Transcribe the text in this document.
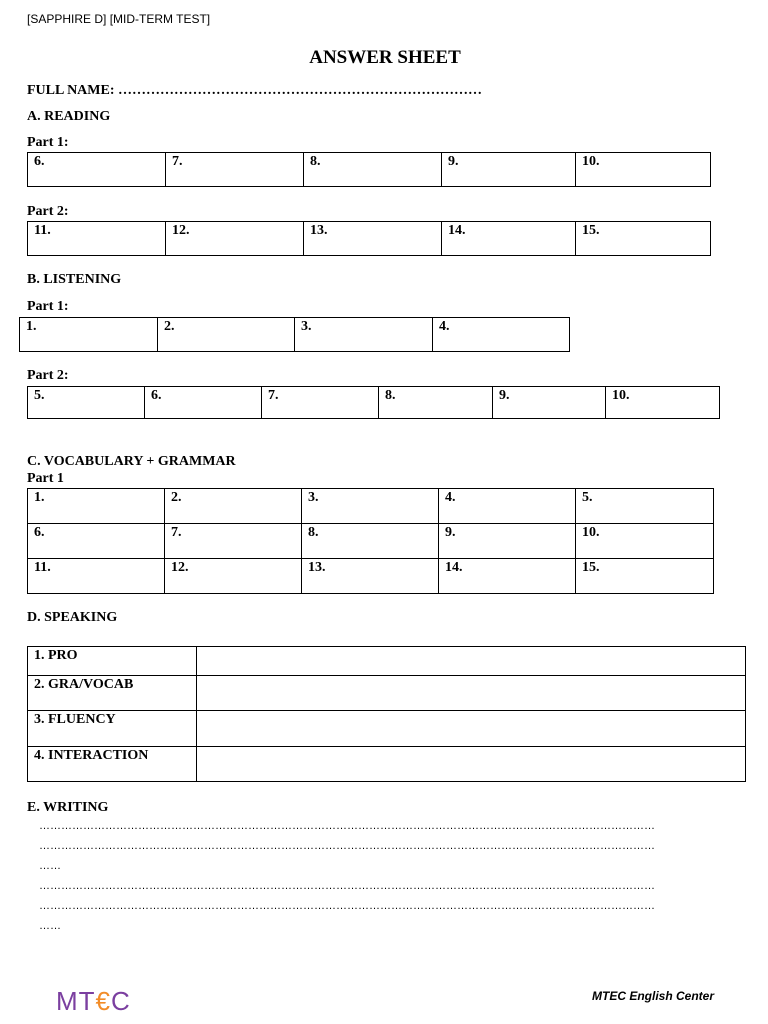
[SAPPHIRE D] [MID-TERM TEST]
ANSWER SHEET
FULL NAME: ……………………………………………………………………
A. READING
Part 1:
6.	7.	8.	9.	10.
Part 2:
11.	12.	13.	14.	15.
B. LISTENING
Part 1:
1.	2.	3.	4.
Part 2:
5.	6.	7.	8.	9.	10.
C. VOCABULARY + GRAMMAR
Part 1
1.	2.	3.	4.	5.
6.	7.	8.	9.	10.
11.	12.	13.	14.	15.
D. SPEAKING
1. PRO	
2. GRA/VOCAB	
3. FLUENCY	
4. INTERACTION	
E. WRITING
……………………………………………………………………………………………………………………………………………………
……………………………………………………………………………………………………………………………………………………
……
……………………………………………………………………………………………………………………………………………………
……………………………………………………………………………………………………………………………………………………
……
MT€C	MTEC English Center
